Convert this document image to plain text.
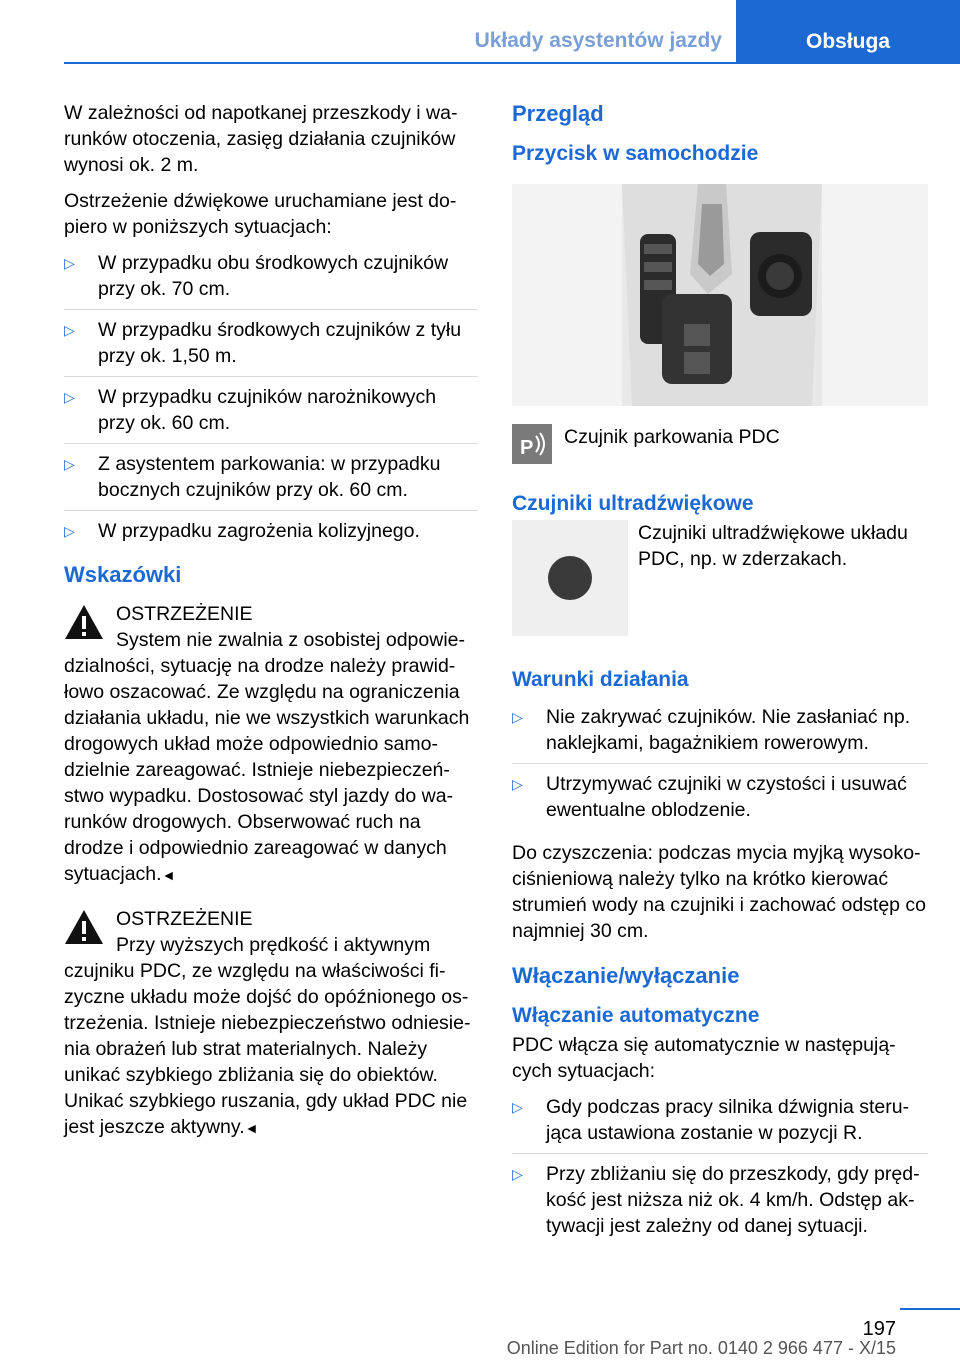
Układy asystentów jazdy	Obsługa

W zależności od napotkanej przeszkody i wa- runków otoczenia, zasięg działania czujników wynosi ok. 2 m.

Ostrzeżenie dźwiękowe uruchamiane jest do- piero w poniższych sytuacjach:

▷ W przypadku obu środkowych czujników przy ok. 70 cm.
▷ W przypadku środkowych czujników z tyłu przy ok. 1,50 m.
▷ W przypadku czujników narożnikowych przy ok. 60 cm.
▷ Z asystentem parkowania: w przypadku bocznych czujników przy ok. 60 cm.
▷ W przypadku zagrożenia kolizyjnego.
Wskazówki
OSTRZEŻENIE
System nie zwalnia z osobistej odpowie- dzialności, sytuację na drodze należy prawid- łowo oszacować. Ze względu na ograniczenia działania układu, nie we wszystkich warunkach drogowych układ może odpowiednio samo- dzielnie zareagować. Istnieje niebezpieczeń- stwo wypadku. Dostosować styl jazdy do wa- runków drogowych. Obserwować ruch na drodze i odpowiednio zareagować w danych sytuacjach.◄
OSTRZEŻENIE
Przy wyższych prędkość i aktywnym czujniku PDC, ze względu na właściwości fi- zyczne układu może dojść do opóźnionego os- trzeżenia. Istnieje niebezpieczeństwo odniesie- nia obrażeń lub strat materialnych. Należy unikać szybkiego zbliżania się do obiektów. Unikać szybkiego ruszania, gdy układ PDC nie jest jeszcze aktywny.◄
Przegląd
Przycisk w samochodzie
P Czujnik parkowania PDC
Czujniki ultradźwiękowe
Czujniki ultradźwiękowe układu PDC, np. w zderzakach.
Warunki działania
▷ Nie zakrywać czujników. Nie zasłaniać np. naklejkami, bagażnikiem rowerowym.
▷ Utrzymywać czujniki w czystości i usuwać ewentualne oblodzenie.

Do czyszczenia: podczas mycia myjką wysoko- ciśnieniową należy tylko na krótko kierować strumień wody na czujniki i zachować odstęp co najmniej 30 cm.

Włączanie/wyłączanie
Włączanie automatyczne

PDC włącza się automatycznie w następują- cych sytuacjach:

▷ Gdy podczas pracy silnika dźwignia steru- jąca ustawiona zostanie w pozycji R.
▷ Przy zbliżaniu się do przeszkody, gdy pręd- kość jest niższa niż ok. 4 km/h. Odstęp ak- tywacji jest zależny od danej sytuacji.
197
Online Edition for Part no. 0140 2 966 477 - X/15
